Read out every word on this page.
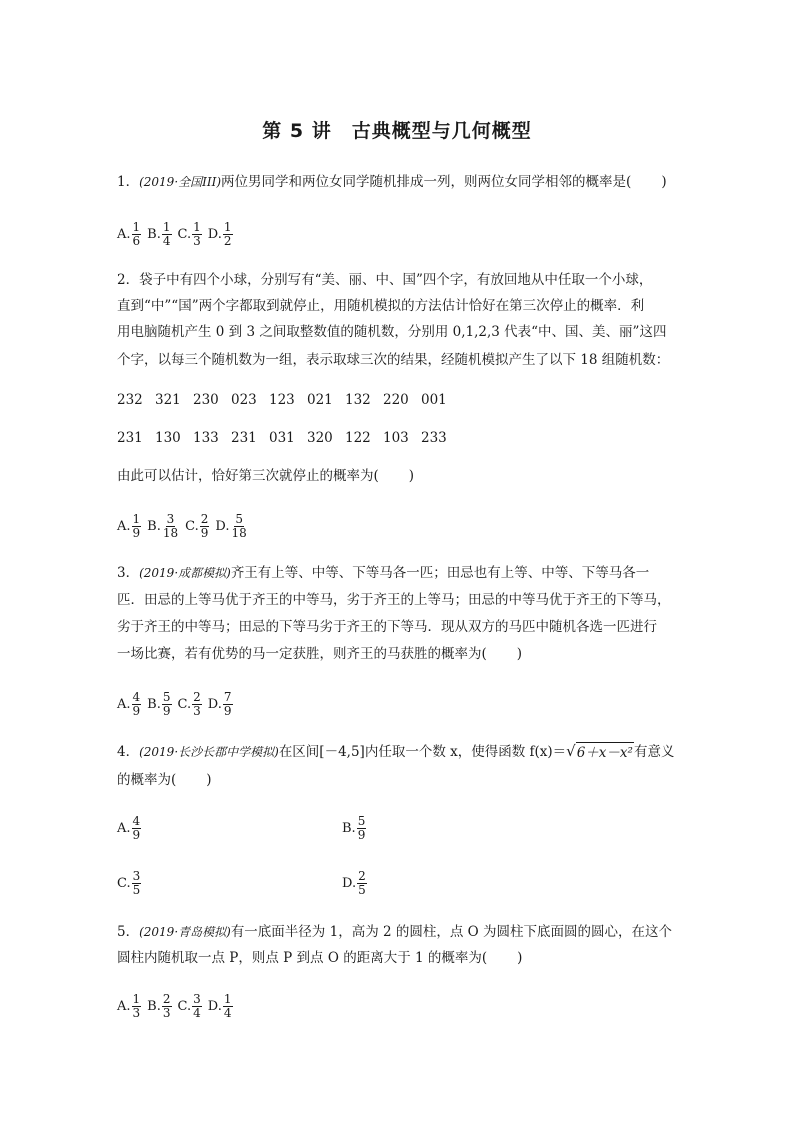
第 5 讲　古典概型与几何概型
1．(2019·全国III)两位男同学和两位女同学随机排成一列，则两位女同学相邻的概率是( )
A. $\frac{1}{6} B$. $\frac{1}{4} C$. $\frac{1}{3} D$. $\frac{1}{2}$
2．袋子中有四个小球，分别写有“美、丽、中、国”四个字，有放回地从中任取一个小球，
直到“中”“国”两个字都取到就停止，用随机模拟的方法估计恰好在第三次停止的概率．利
用电脑随机产生 0 到 3 之间取整数值的随机数，分别用 0,1,2,3 代表“中、国、美、丽”这四
个字，以每三个随机数为一组，表示取球三次的结果，经随机模拟产生了以下 18 组随机数：
232 321 230 023 123 021 132 220 001
231 130 133 231 031 320 122 103 233
由此可以估计，恰好第三次就停止的概率为( )
A. $\frac{1}{9} B$. $\frac{3}{18} C$. $\frac{2}{9} D$. $\frac{5}{18}$
3．(2019·成都模拟)齐王有上等、中等、下等马各一匹；田忌也有上等、中等、下等马各一
匹．田忌的上等马优于齐王的中等马，劣于齐王的上等马；田忌的中等马优于齐王的下等马，
劣于齐王的中等马；田忌的下等马劣于齐王的下等马．现从双方的马匹中随机各选一匹进行
一场比赛，若有优势的马一定获胜，则齐王的马获胜的概率为( )
A. $\frac{4}{9} B$. $\frac{5}{9} C$. $\frac{2}{3} D$. $\frac{7}{9}$
4．(2019·长沙长郡中学模拟)在区间[－4,5]内任取一个数 x，使得函数 f(x)＝ √ 6＋x－x² 有意义
的概率为( )
A. $\frac{4}{9}$	B. $\frac{5}{9}$
C. $\frac{3}{5}$	D. $\frac{2}{5}$
5．(2019·青岛模拟)有一底面半径为 1，高为 2 的圆柱，点 O 为圆柱下底面圆的圆心，在这个
圆柱内随机取一点 P，则点 P 到点 O 的距离大于 1 的概率为( )
A. $\frac{1}{3} B$. $\frac{2}{3} C$. $\frac{3}{4} D$. $\frac{1}{4}$
